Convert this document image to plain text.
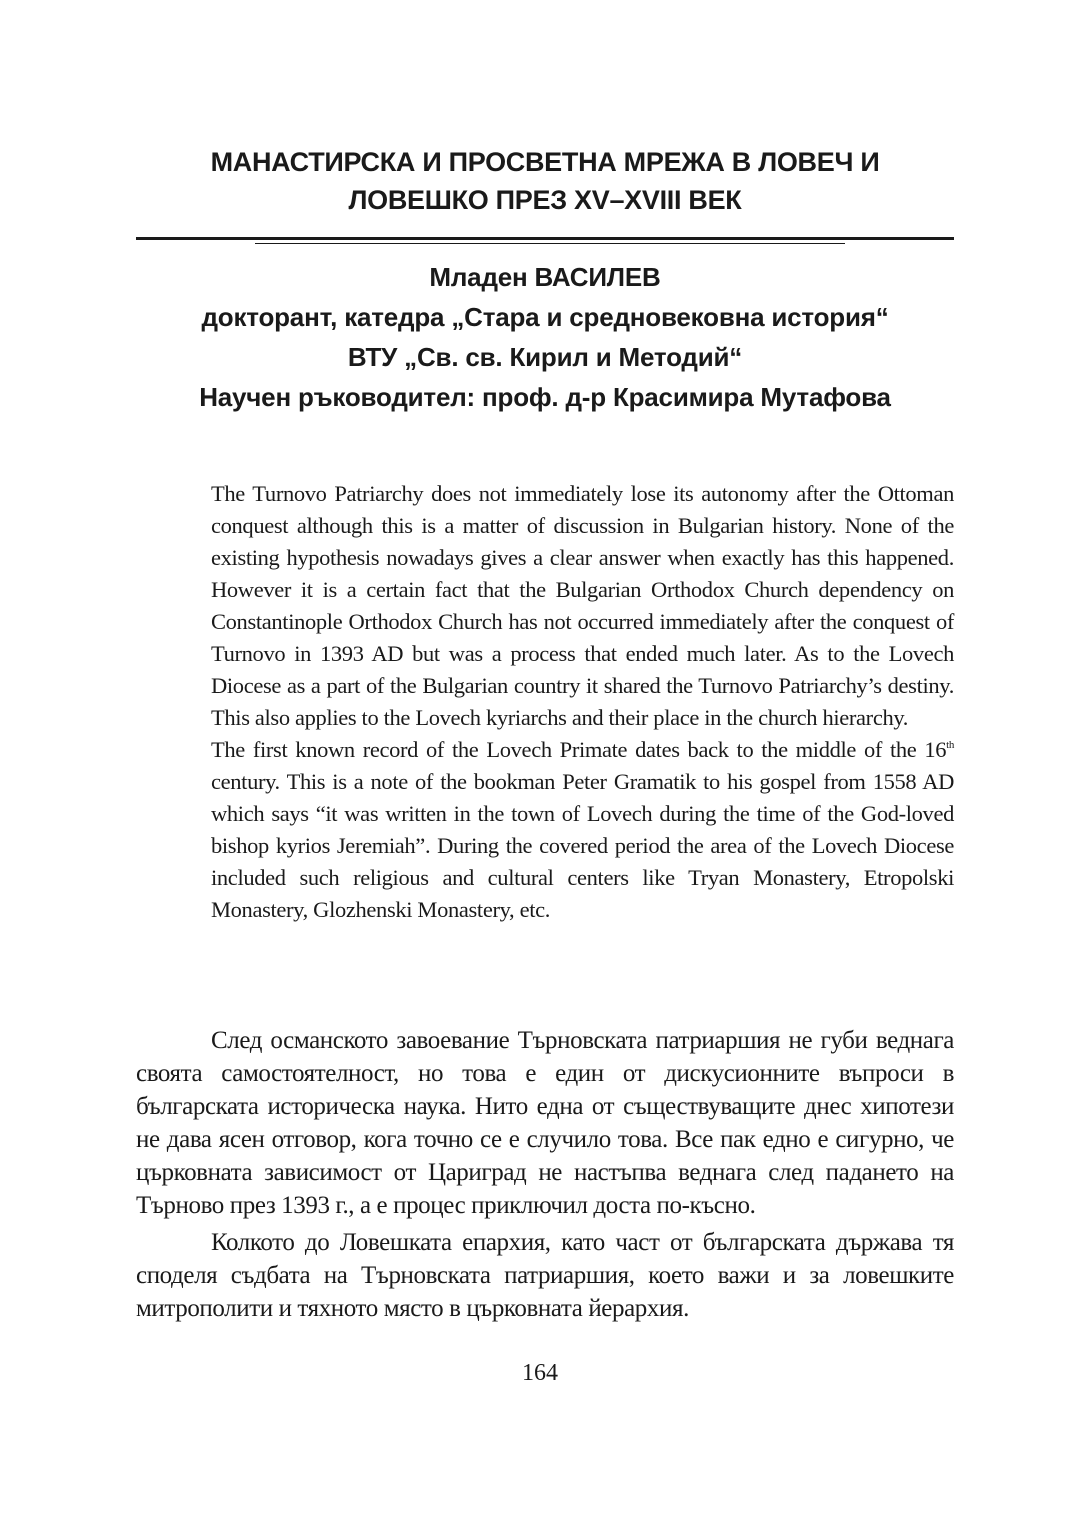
МАНАСТИРСКА И ПРОСВЕТНА МРЕЖА В ЛОВЕЧ И
ЛОВЕШКО ПРЕЗ XV–XVIII ВЕК
Младен ВАСИЛЕВ
докторант, катедра „Стара и средновековна история“
ВТУ „Св. св. Кирил и Методий“
Научен ръководител: проф. д-р Красимира Мутафова

The Turnovo Patriarchy does not immediately lose its autonomy after the Ottoman conquest although this is a matter of discussion in Bulgarian history. None of the existing hypothesis nowadays gives a clear answer when exactly has this happened. However it is a certain fact that the Bulgarian Orthodox Church dependency on Constantinople Orthodox Church has not occurred immediately after the conquest of Turnovo in 1393 AD but was a process that ended much later. As to the Lovech Diocese as a part of the Bulgarian country it shared the Turnovo Patriarchy’s destiny. This also applies to the Lovech kyriarchs and their place in the church hierarchy.

The first known record of the Lovech Primate dates back to the middle of the 16th century. This is a note of the bookman Peter Gramatik to his gospel from 1558 AD which says “it was written in the town of Lovech during the time of the God-loved bishop kyrios Jeremiah”. During the covered period the area of the Lovech Diocese included such religious and cultural centers like Tryan Monastery, Etropolski Monastery, Glozhenski Monastery, etc.

След османското завоевание Търновската патриаршия не губи веднага своята самостоятелност, но това е един от дискусионните въпроси в българската историческа наука. Нито една от съществуващите днес хипотези не дава ясен отговор, кога точно се е случило това. Все пак едно е сигурно, че църковната зависимост от Цариград не настъпва веднага след падането на Търново през 1393 г., а е процес приключил доста по-късно.

Колкото до Ловешката епархия, като част от българската държава тя споделя съдбата на Търновската патриаршия, което важи и за ловешките митрополити и тяхното място в църковната йерархия.

164
